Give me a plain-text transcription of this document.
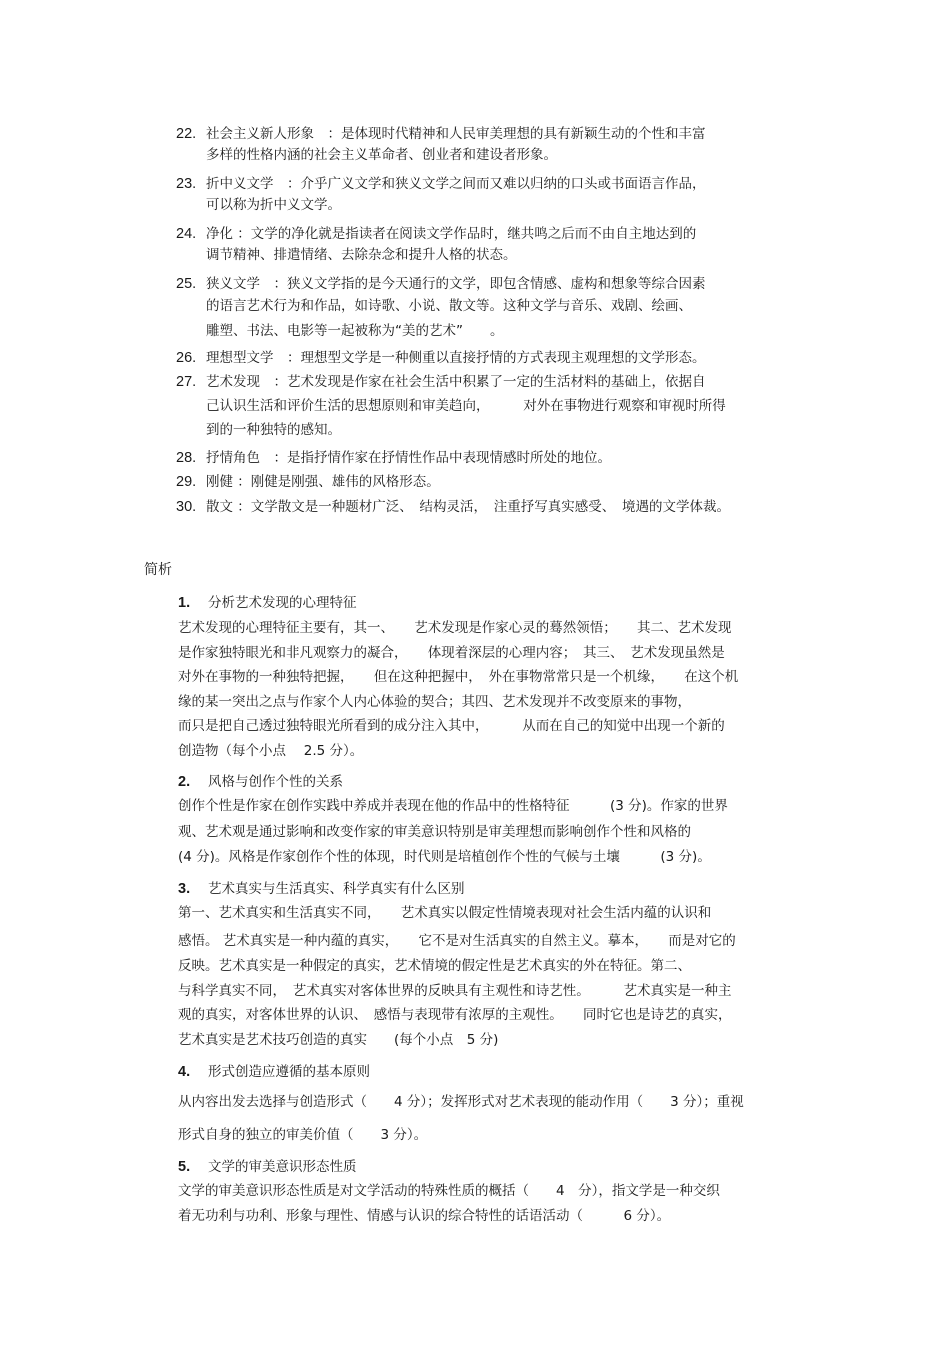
22. 社会主义新人形象　：是体现时代精神和人民审美理想的具有新颖生动的个性和丰富
多样的性格内涵的社会主义革命者、创业者和建设者形象。
23. 折中义文学　：介乎广义文学和狭义文学之间而又难以归纳的口头或书面语言作品，
可以称为折中义文学。
24. 净化 ：文学的净化就是指读者在阅读文学作品时，继共鸣之后而不由自主地达到的
调节精神、排遣情绪、去除杂念和提升人格的状态。
25. 狭义文学　：狭义文学指的是今天通行的文学，即包含情感、虚构和想象等综合因素
的语言艺术行为和作品，如诗歌、小说、散文等。这种文学与音乐、戏剧、绘画、
雕塑、书法、电影等一起被称为“美的艺术”　　。
26. 理想型文学　：理想型文学是一种侧重以直接抒情的方式表现主观理想的文学形态。
27. 艺术发现　：艺术发现是作家在社会生活中积累了一定的生活材料的基础上，依据自
己认识生活和评价生活的思想原则和审美趋向，　　　对外在事物进行观察和审视时所得
到的一种独特的感知。
28. 抒情角色　：是指抒情作家在抒情性作品中表现情感时所处的地位。
29. 刚健 ：刚健是刚强、雄伟的风格形态。
30. 散文 ：文学散文是一种题材广泛、　结构灵活，　注重抒写真实感受、　境遇的文学体裁。
简析
1. 分析艺术发现的心理特征
艺术发现的心理特征主要有，其一、　　艺术发现是作家心灵的蓦然领悟；　　其二、艺术发现
是作家独特眼光和非凡观察力的凝合，　　体现着深层的心理内容；　其三、　艺术发现虽然是
对外在事物的一种独特把握，　　但在这种把握中，　外在事物常常只是一个机缘，　　在这个机
缘的某一突出之点与作家个人内心体验的契合；其四、艺术发现并不改变原来的事物，
而只是把自己透过独特眼光所看到的成分注入其中，　　　从而在自己的知觉中出现一个新的
创造物（每个小点　 2.5 分）。
2. 风格与创作个性的关系
创作个性是作家在创作实践中养成并表现在他的作品中的性格特征　　　(3 分)。作家的世界
观、艺术观是通过影响和改变作家的审美意识特别是审美理想而影响创作个性和风格的
(4 分)。风格是作家创作个性的体现，时代则是培植创作个性的气候与土壤　　　(3 分)。
3. 艺术真实与生活真实、科学真实有什么区别
第一、艺术真实和生活真实不同，　　艺术真实以假定性情境表现对社会生活内蕴的认识和
感悟。 艺术真实是一种内蕴的真实，　　它不是对生活真实的自然主义。摹本，　　而是对它的
反映。艺术真实是一种假定的真实，艺术情境的假定性是艺术真实的外在特征。第二、
与科学真实不同，　艺术真实对客体世界的反映具有主观性和诗艺性。　　　艺术真实是一种主
观的真实，对客体世界的认识、　感悟与表现带有浓厚的主观性。　　同时它也是诗艺的真实，
艺术真实是艺术技巧创造的真实　　(每个小点　5 分)
4. 形式创造应遵循的基本原则
从内容出发去选择与创造形式（　　4 分）；发挥形式对艺术表现的能动作用（　　3 分）；重视
形式自身的独立的审美价值（　　3 分）。
5. 文学的审美意识形态性质
文学的审美意识形态性质是对文学活动的特殊性质的概括（　　4　分），指文学是一种交织
着无功利与功利、形象与理性、情感与认识的综合特性的话语活动（　　　6 分）。
